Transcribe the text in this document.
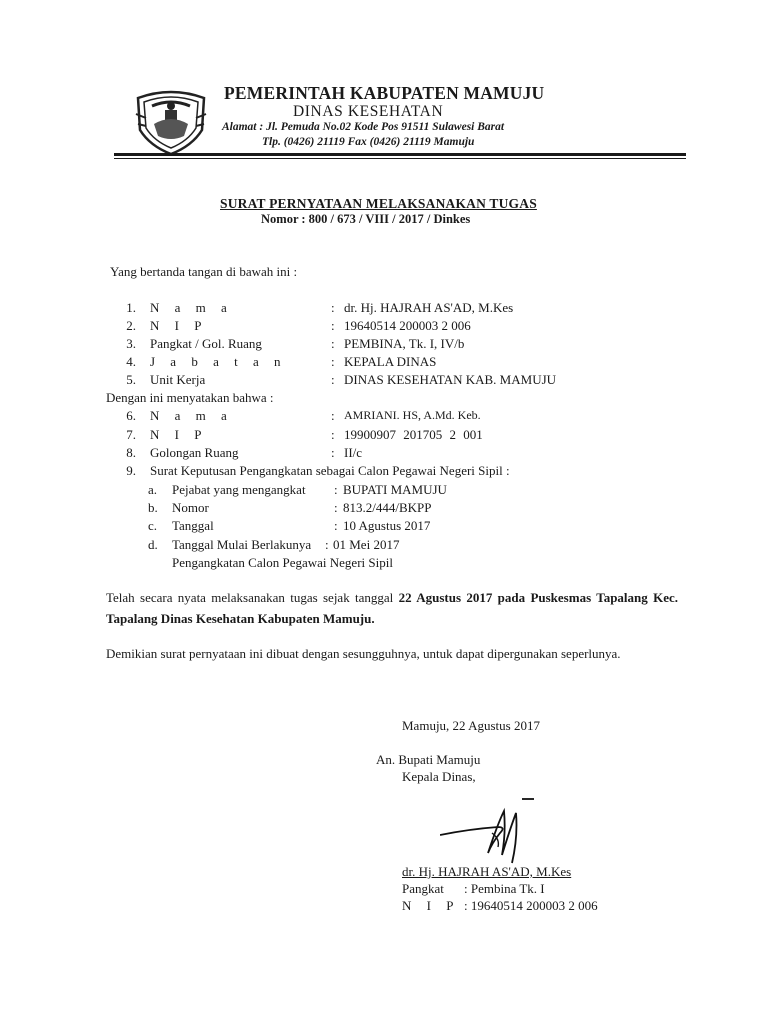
PEMERINTAH KABUPATEN MAMUJU
DINAS KESEHATAN
Alamat : Jl. Pemuda No.02 Kode Pos 91511 Sulawesi Barat
Tlp. (0426) 21119 Fax (0426) 21119 Mamuju
SURAT PERNYATAAN MELAKSANAKAN TUGAS
Nomor : 800 / 673 / VIII / 2017 / Dinkes
Yang bertanda tangan di bawah ini :
1. N a m a	: dr. Hj. HAJRAH AS'AD, M.Kes
2. N I P	: 19640514 200003 2 006
3. Pangkat / Gol. Ruang	: PEMBINA, Tk. I, IV/b
4. J a b a t a n	: KEPALA DINAS
5. Unit Kerja	: DINAS KESEHATAN KAB. MAMUJU
Dengan ini menyatakan bahwa :
6. N a m a	: AMRIANI. HS, A.Md. Keb.
7. N I P	: 19900907 201705 2 001
8. Golongan Ruang	: II/c
9. Surat Keputusan Pengangkatan sebagai Calon Pegawai Negeri Sipil :
a. Pejabat yang mengangkat : BUPATI MAMUJU
b. Nomor	: 813.2/444/BKPP
c. Tanggal	: 10 Agustus 2017
d. Tanggal Mulai Berlakunya : 01 Mei 2017
Pengangkatan Calon Pegawai Negeri Sipil
Telah secara nyata melaksanakan tugas sejak tanggal 22 Agustus 2017 pada Puskesmas Tapalang Kec. Tapalang Dinas Kesehatan Kabupaten Mamuju.
Demikian surat pernyataan ini dibuat dengan sesungguhnya, untuk dapat dipergunakan seperlunya.
Mamuju, 22 Agustus 2017
An. Bupati Mamuju
Kepala Dinas,
dr. Hj. HAJRAH AS'AD, M.Kes
Pangkat : Pembina Tk. I
N I P : 19640514 200003 2 006
